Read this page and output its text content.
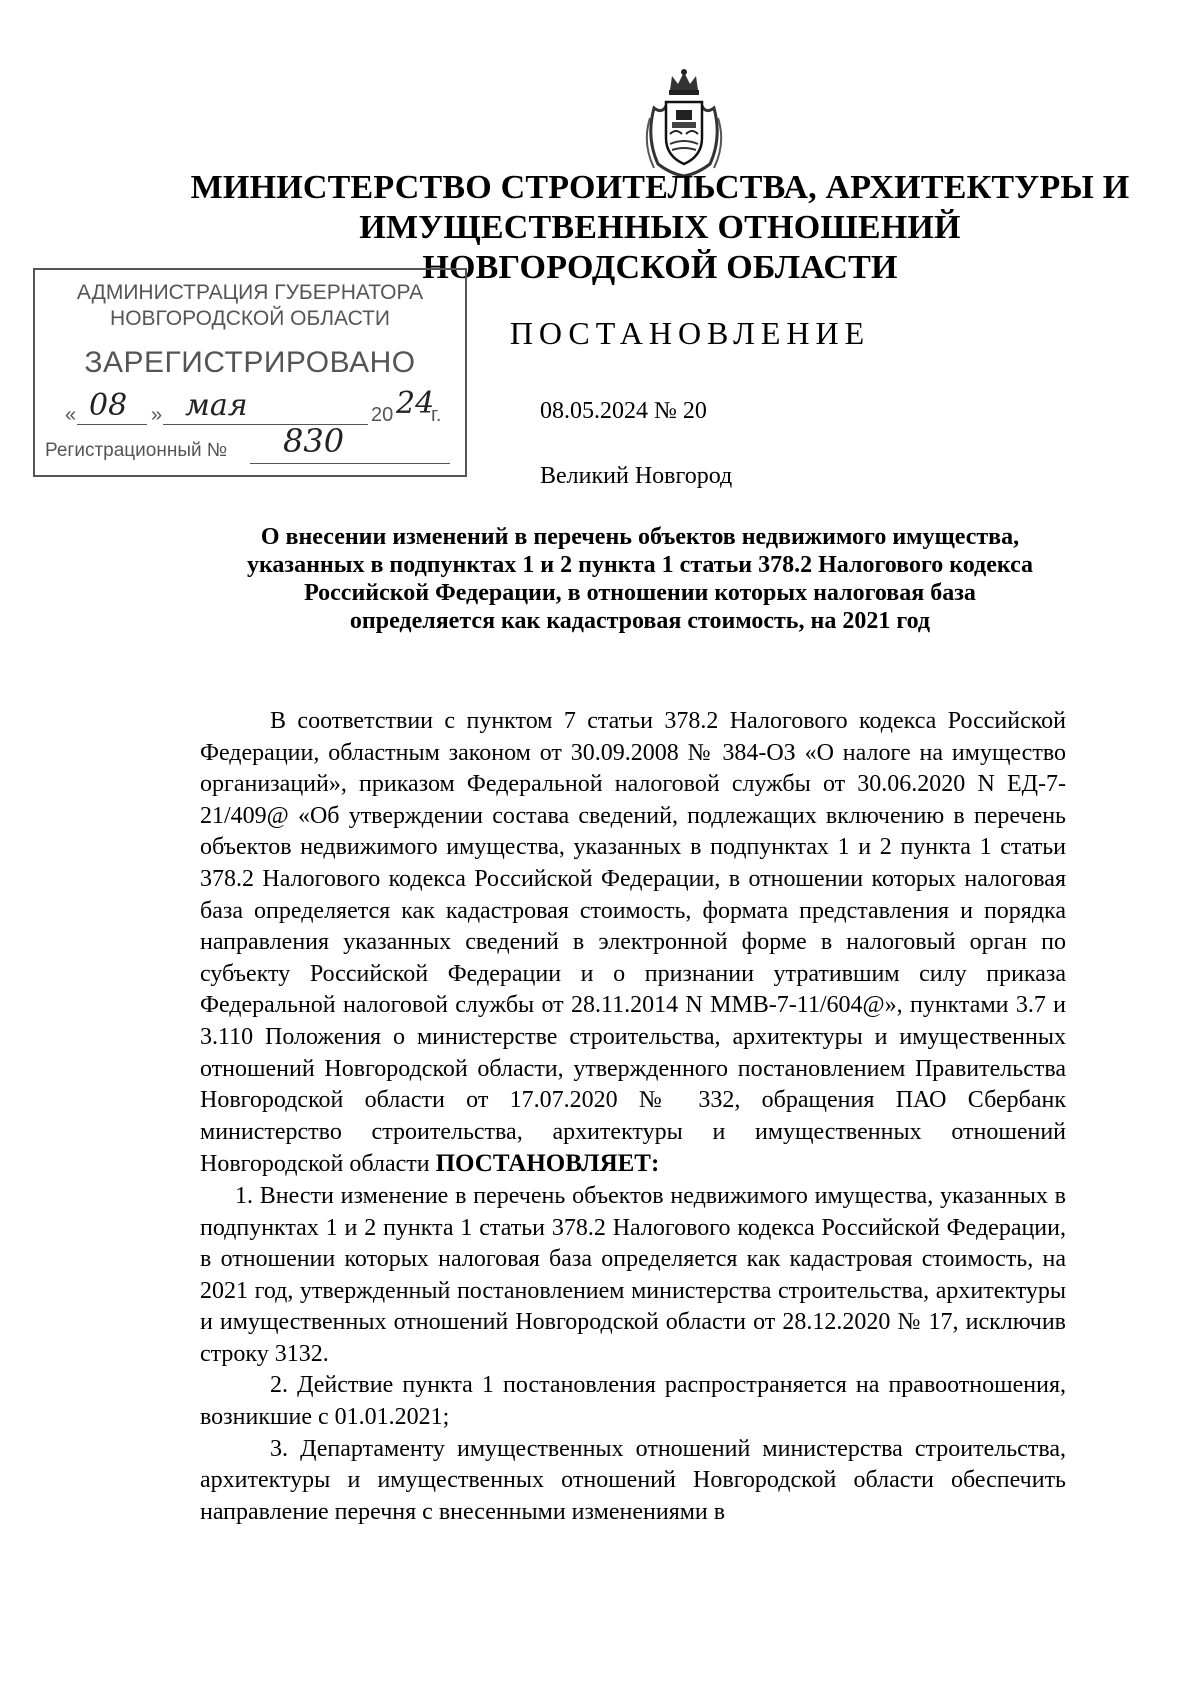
МИНИСТЕРСТВО СТРОИТЕЛЬСТВА, АРХИТЕКТУРЫ И
ИМУЩЕСТВЕННЫХ ОТНОШЕНИЙ
НОВГОРОДСКОЙ ОБЛАСТИ
АДМИНИСТРАЦИЯ ГУБЕРНАТОРА
НОВГОРОДСКОЙ ОБЛАСТИ
ЗАРЕГИСТРИРОВАНО
« 08 » мая	20 24
г.
Регистрационный № 830
ПОСТАНОВЛЕНИЕ
08.05.2024 № 20
Великий Новгород
О внесении изменений в перечень объектов недвижимого имущества,
указанных в подпунктах 1 и 2 пункта 1 статьи 378.2 Налогового кодекса
Российской Федерации, в отношении которых налоговая база
определяется как кадастровая стоимость, на 2021 год

В соответствии с пунктом 7 статьи 378.2 Налогового кодекса Российской Федерации, областным законом от 30.09.2008 № 384-ОЗ «О налоге на имущество организаций», приказом Федеральной налоговой службы от 30.06.2020 N ЕД-7-21/409@ «Об утверждении состава сведений, подлежащих включению в перечень объектов недвижимого имущества, указанных в подпунктах 1 и 2 пункта 1 статьи 378.2 Налогового кодекса Российской Федерации, в отношении которых налоговая база определяется как кадастровая стоимость, формата представления и порядка направления указанных сведений в электронной форме в налоговый орган по субъекту Российской Федерации и о признании утратившим силу приказа Федеральной налоговой службы от 28.11.2014 N ММВ-7-11/604@», пунктами 3.7 и 3.110 Положения о министерстве строительства, архитектуры и имущественных отношений Новгородской области, утвержденного постановлением Правительства Новгородской области от 17.07.2020 № 332, обращения ПАО Сбербанк министерство строительства, архитектуры и имущественных отношений Новгородской области ПОСТАНОВЛЯЕТ:

1. Внести изменение в перечень объектов недвижимого имущества, указанных в подпунктах 1 и 2 пункта 1 статьи 378.2 Налогового кодекса Российской Федерации, в отношении которых налоговая база определяется как кадастровая стоимость, на 2021 год, утвержденный постановлением министерства строительства, архитектуры и имущественных отношений Новгородской области от 28.12.2020 № 17, исключив строку 3132.

2. Действие пункта 1 постановления распространяется на правоотношения, возникшие с 01.01.2021;

3. Департаменту имущественных отношений министерства строительства, архитектуры и имущественных отношений Новгородской области обеспечить направление перечня с внесенными изменениями в
